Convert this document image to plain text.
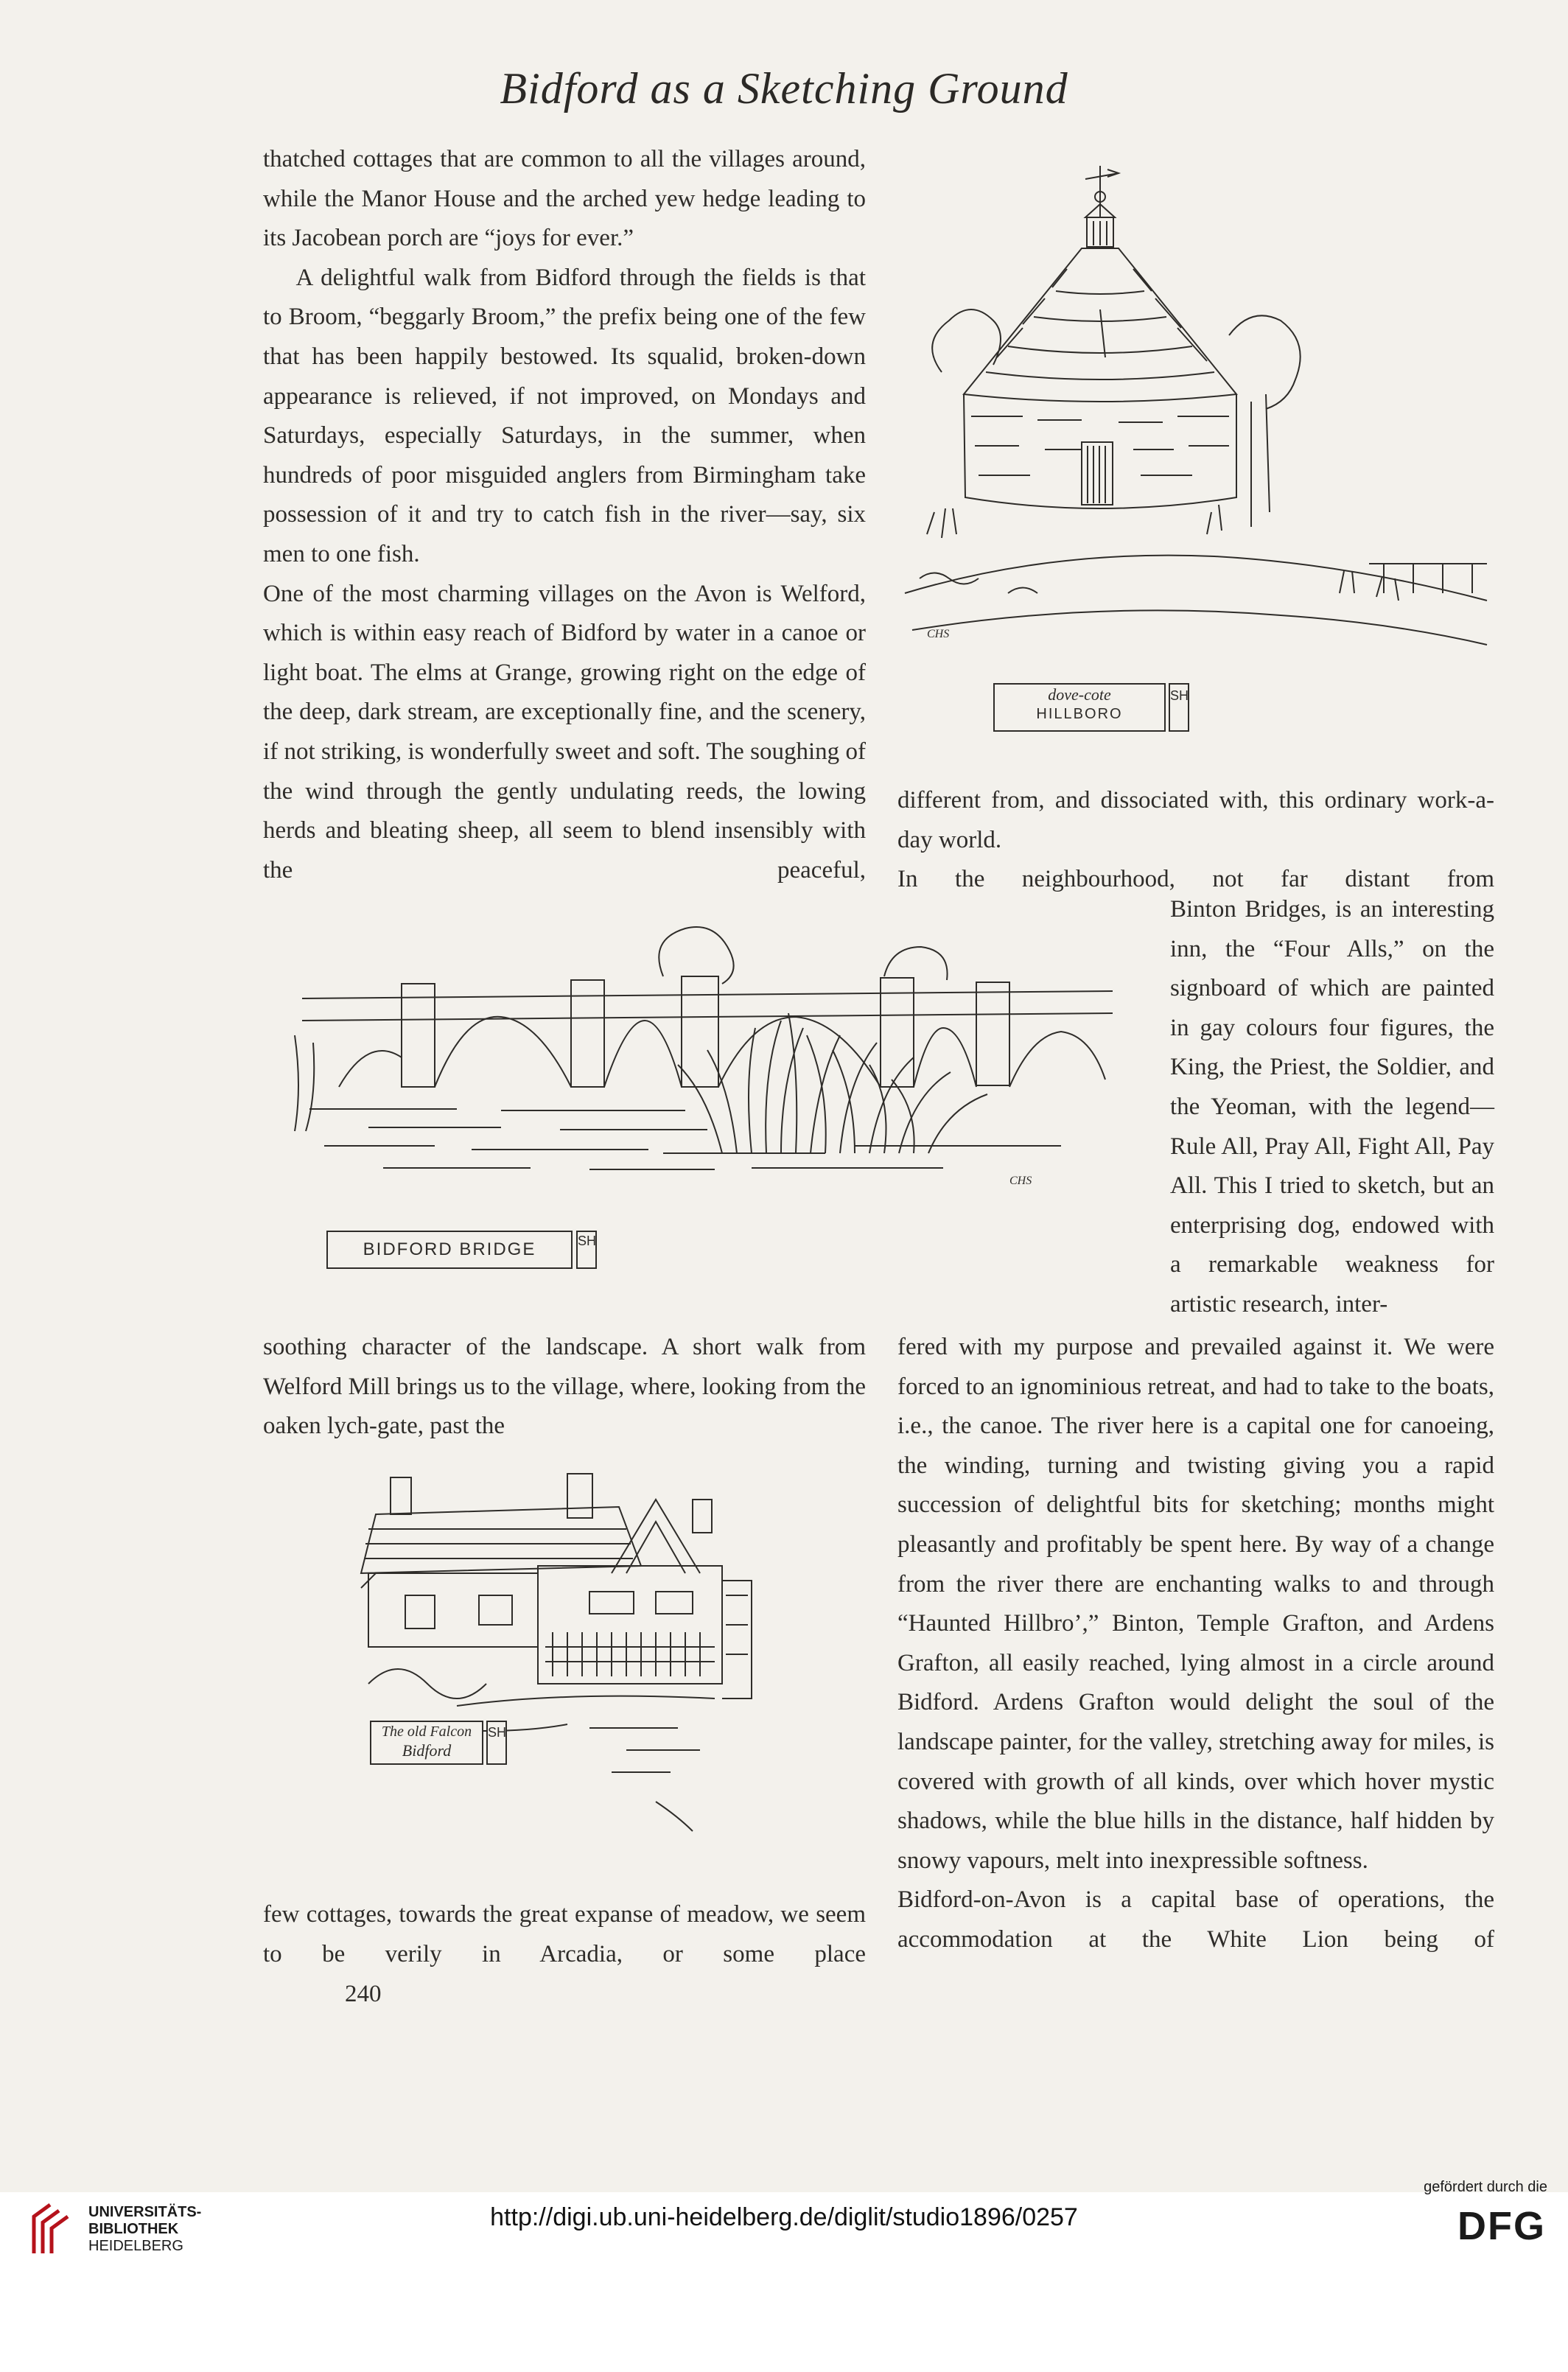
Bidford as a Sketching Ground

thatched cottages that are common to all the villages around, while the Manor House and the arched yew hedge leading to its Jacobean porch are “joys for ever.”

A delightful walk from Bidford through the fields is that to Broom, “beggarly Broom,” the prefix being one of the few that has been happily bestowed. Its squalid, broken-down appearance is relieved, if not improved, on Mondays and Saturdays, especially Saturdays, in the summer, when hundreds of poor misguided anglers from Birmingham take possession of it and try to catch fish in the river—say, six men to one fish.

One of the most charming villages on the Avon is Welford, which is within easy reach of Bidford by water in a canoe or light boat. The elms at Grange, growing right on the edge of the deep, dark stream, are exceptionally fine, and the scenery, if not striking, is wonderfully sweet and soft. The soughing of the wind through the gently undulating reeds, the lowing herds and bleating sheep, all seem to blend insensibly with the peaceful,

CHS
dove-cote
HILLBORO
SH

different from, and dissociated with, this ordinary work-a-day world.

In the neighbourhood, not far distant from

CHS
BIDFORD BRIDGE	SH

Binton Bridges, is an interesting inn, the “Four Alls,” on the signboard of which are painted in gay colours four figures, the King, the Priest, the Soldier, and the Yeoman, with the legend—Rule All, Pray All, Fight All, Pay All. This I tried to sketch, but an enterprising dog, endowed with a remarkable weakness for artistic research, inter-

soothing character of the landscape. A short walk from Welford Mill brings us to the village, where, looking from the oaken lych-gate, past the

The old Falcon
Bidford
SH

fered with my purpose and prevailed against it. We were forced to an ignominious retreat, and had to take to the boats, i.e., the canoe. The river here is a capital one for canoeing, the winding, turning and twisting giving you a rapid succession of delightful bits for sketching; months might pleasantly and profitably be spent here. By way of a change from the river there are enchanting walks to and through “Haunted Hillbro’,” Binton, Temple Grafton, and Ardens Grafton, all easily reached, lying almost in a circle around Bidford. Ardens Grafton would delight the soul of the landscape painter, for the valley, stretching away for miles, is covered with growth of all kinds, over which hover mystic shadows, while the blue hills in the distance, half hidden by snowy vapours, melt into inexpressible softness.

Bidford-on-Avon is a capital base of operations, the accommodation at the White Lion being of

few cottages, towards the great expanse of meadow, we seem to be verily in Arcadia, or some place

240
UNIVERSITÄTS-
BIBLIOTHEK
HEIDELBERG
http://digi.ub.uni-heidelberg.de/diglit/studio1896/0257
gefördert durch die
DFG
